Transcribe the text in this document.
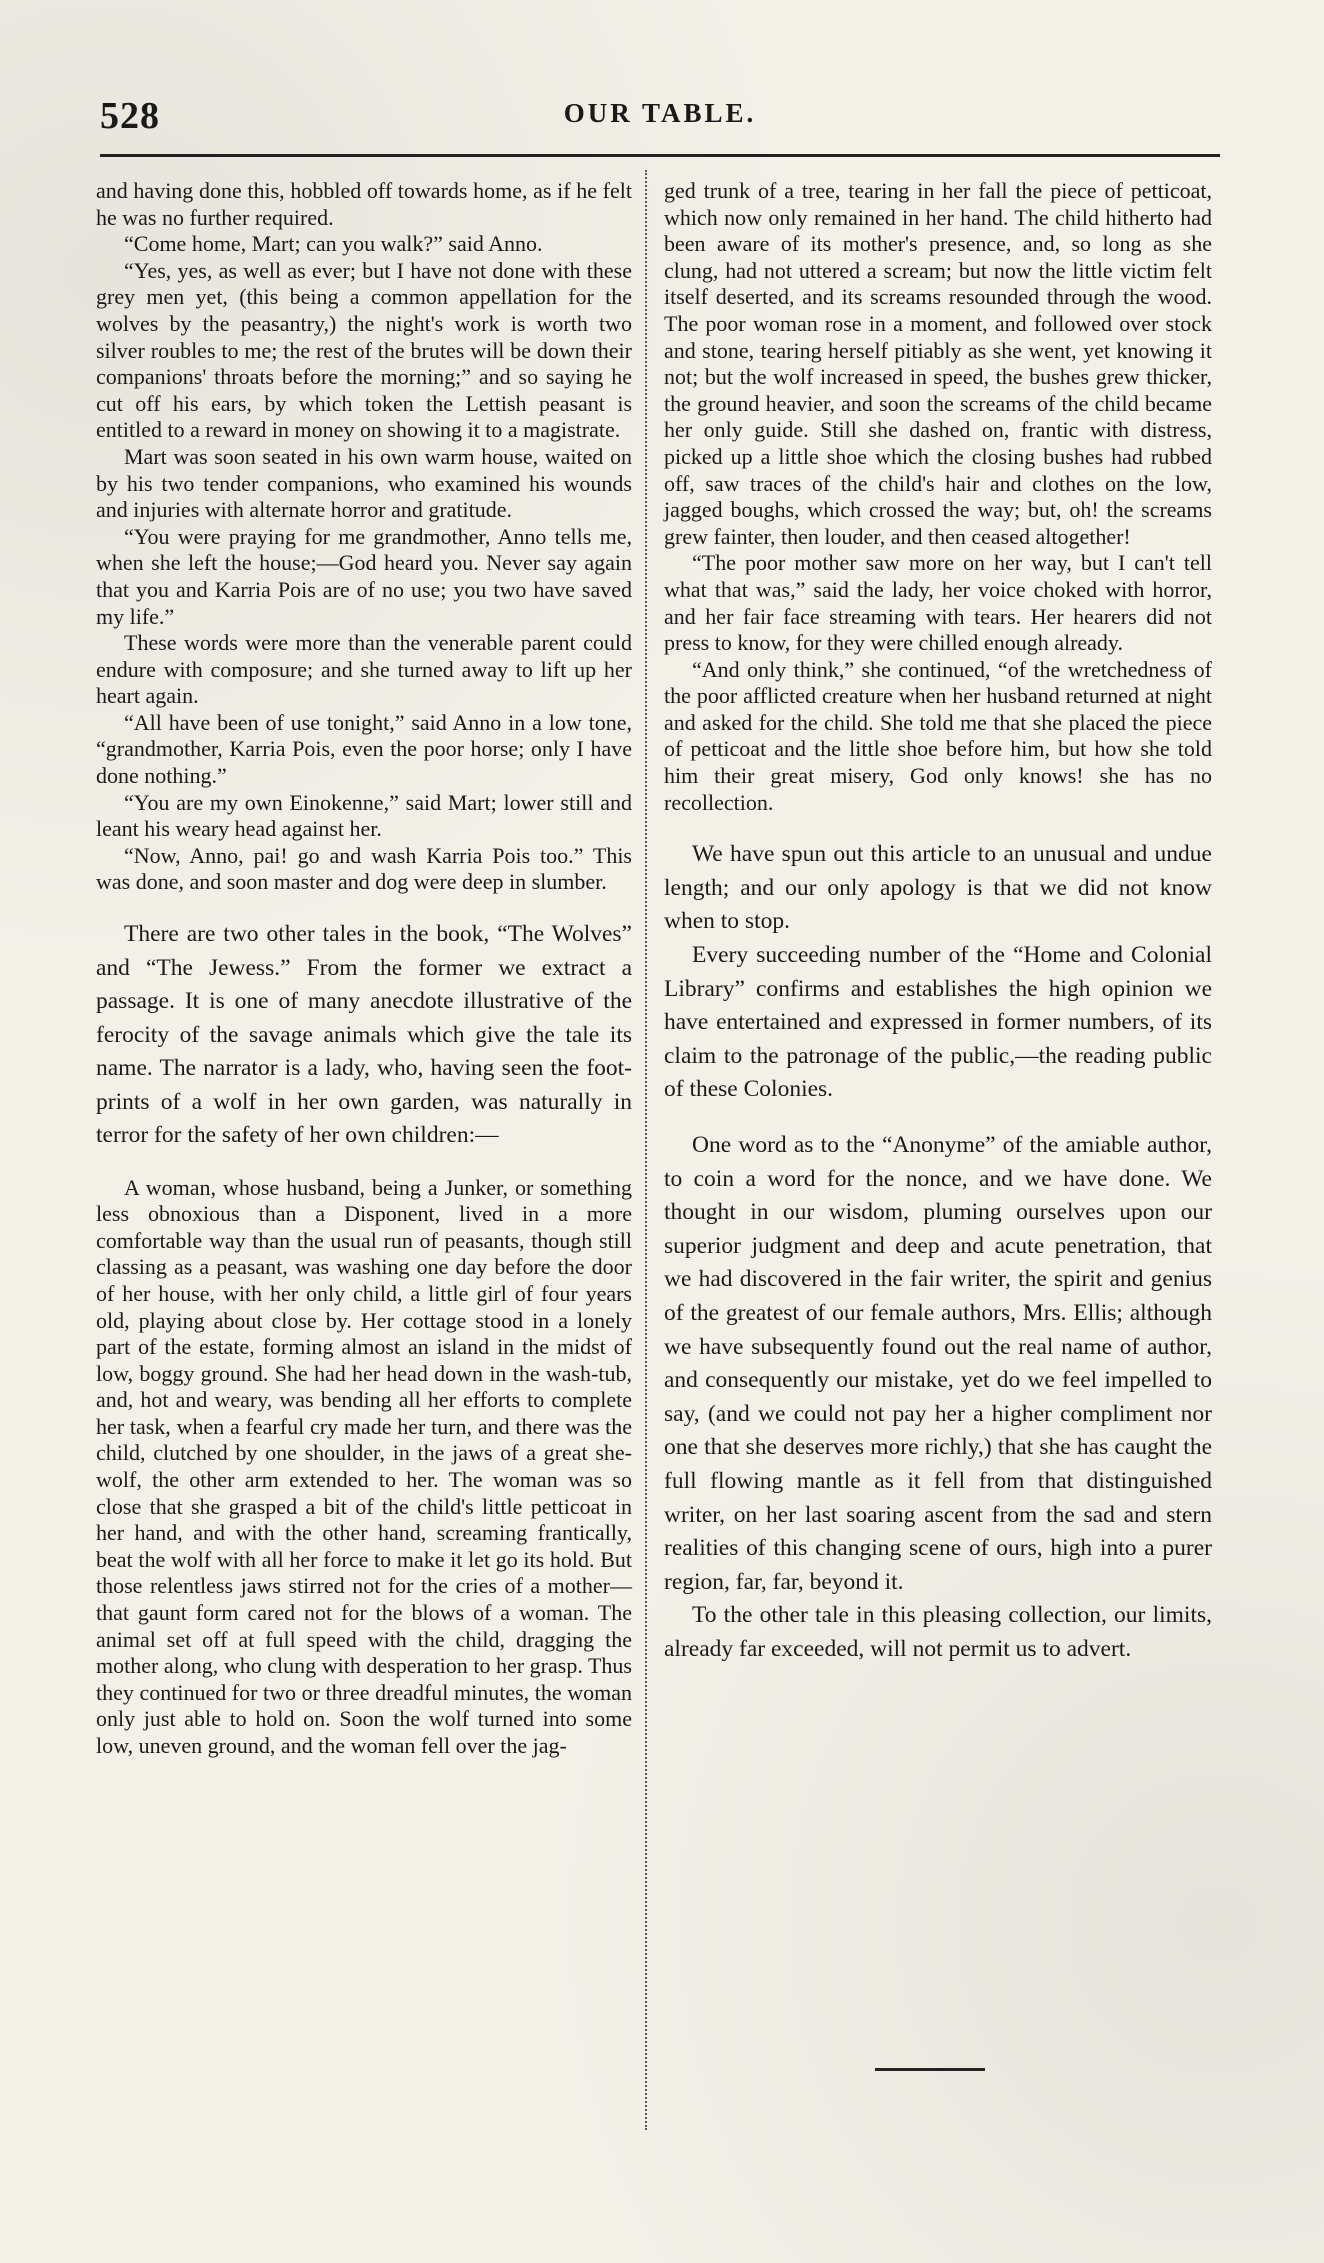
528	OUR TABLE.

and having done this, hobbled off towards home, as if he felt he was no further required.

“Come home, Mart; can you walk?” said Anno.

“Yes, yes, as well as ever; but I have not done with these grey men yet, (this being a common appellation for the wolves by the peasantry,) the night's work is worth two silver roubles to me; the rest of the brutes will be down their companions' throats before the morning;” and so saying he cut off his ears, by which token the Lettish peasant is entitled to a reward in money on showing it to a magistrate.

Mart was soon seated in his own warm house, waited on by his two tender companions, who examined his wounds and injuries with alternate horror and gratitude.

“You were praying for me grandmother, Anno tells me, when she left the house;—God heard you. Never say again that you and Karria Pois are of no use; you two have saved my life.”

These words were more than the venerable parent could endure with composure; and she turned away to lift up her heart again.

“All have been of use tonight,” said Anno in a low tone, “grandmother, Karria Pois, even the poor horse; only I have done nothing.”

“You are my own Einokenne,” said Mart; lower still and leant his weary head against her.

“Now, Anno, pai! go and wash Karria Pois too.” This was done, and soon master and dog were deep in slumber.

There are two other tales in the book, “The Wolves” and “The Jewess.” From the former we extract a passage. It is one of many anecdote illustrative of the ferocity of the savage animals which give the tale its name. The narrator is a lady, who, having seen the foot-prints of a wolf in her own garden, was naturally in terror for the safety of her own children:—

A woman, whose husband, being a Junker, or something less obnoxious than a Disponent, lived in a more comfortable way than the usual run of peasants, though still classing as a peasant, was washing one day before the door of her house, with her only child, a little girl of four years old, playing about close by. Her cottage stood in a lonely part of the estate, forming almost an island in the midst of low, boggy ground. She had her head down in the wash-tub, and, hot and weary, was bending all her efforts to complete her task, when a fearful cry made her turn, and there was the child, clutched by one shoulder, in the jaws of a great she-wolf, the other arm extended to her. The woman was so close that she grasped a bit of the child's little petticoat in her hand, and with the other hand, screaming frantically, beat the wolf with all her force to make it let go its hold. But those relentless jaws stirred not for the cries of a mother—that gaunt form cared not for the blows of a woman. The animal set off at full speed with the child, dragging the mother along, who clung with desperation to her grasp. Thus they continued for two or three dreadful minutes, the woman only just able to hold on. Soon the wolf turned into some low, uneven ground, and the woman fell over the jag-

ged trunk of a tree, tearing in her fall the piece of petticoat, which now only remained in her hand. The child hitherto had been aware of its mother's presence, and, so long as she clung, had not uttered a scream; but now the little victim felt itself deserted, and its screams resounded through the wood. The poor woman rose in a moment, and followed over stock and stone, tearing herself pitiably as she went, yet knowing it not; but the wolf increased in speed, the bushes grew thicker, the ground heavier, and soon the screams of the child became her only guide. Still she dashed on, frantic with distress, picked up a little shoe which the closing bushes had rubbed off, saw traces of the child's hair and clothes on the low, jagged boughs, which crossed the way; but, oh! the screams grew fainter, then louder, and then ceased altogether!

“The poor mother saw more on her way, but I can't tell what that was,” said the lady, her voice choked with horror, and her fair face streaming with tears. Her hearers did not press to know, for they were chilled enough already.

“And only think,” she continued, “of the wretchedness of the poor afflicted creature when her husband returned at night and asked for the child. She told me that she placed the piece of petticoat and the little shoe before him, but how she told him their great misery, God only knows! she has no recollection.

We have spun out this article to an unusual and undue length; and our only apology is that we did not know when to stop.

Every succeeding number of the “Home and Colonial Library” confirms and establishes the high opinion we have entertained and expressed in former numbers, of its claim to the patronage of the public,—the reading public of these Colonies.

One word as to the “Anonyme” of the amiable author, to coin a word for the nonce, and we have done. We thought in our wisdom, pluming ourselves upon our superior judgment and deep and acute penetration, that we had discovered in the fair writer, the spirit and genius of the greatest of our female authors, Mrs. Ellis; although we have subsequently found out the real name of author, and consequently our mistake, yet do we feel impelled to say, (and we could not pay her a higher compliment nor one that she deserves more richly,) that she has caught the full flowing mantle as it fell from that distinguished writer, on her last soaring ascent from the sad and stern realities of this changing scene of ours, high into a purer region, far, far, beyond it.

To the other tale in this pleasing collection, our limits, already far exceeded, will not permit us to advert.
